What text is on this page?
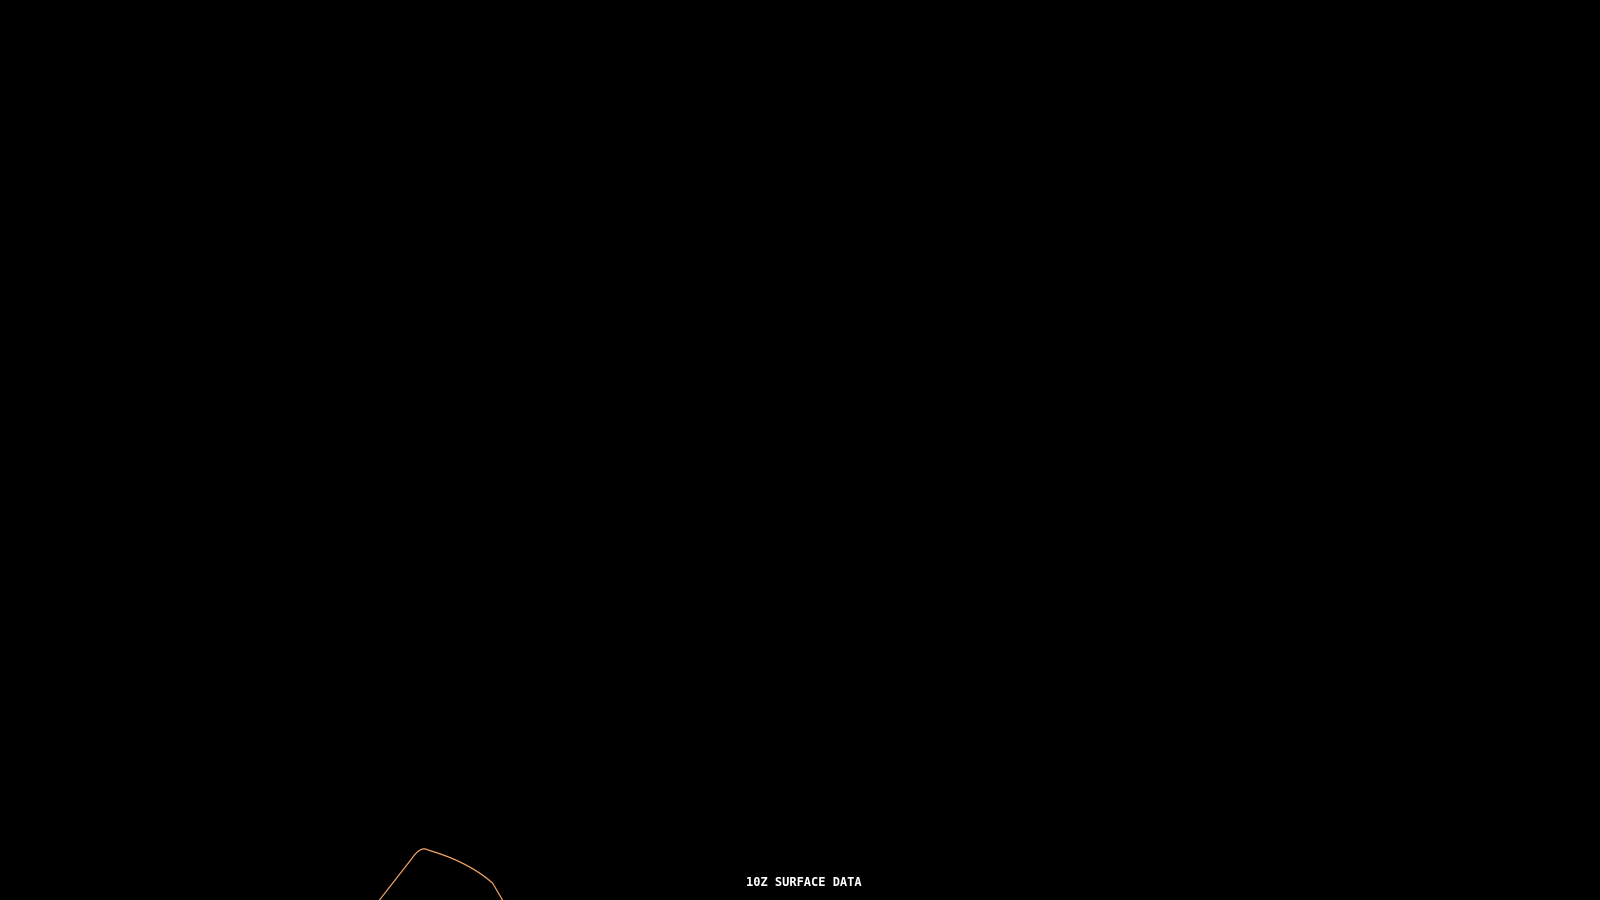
10Z SURFACE DATA
